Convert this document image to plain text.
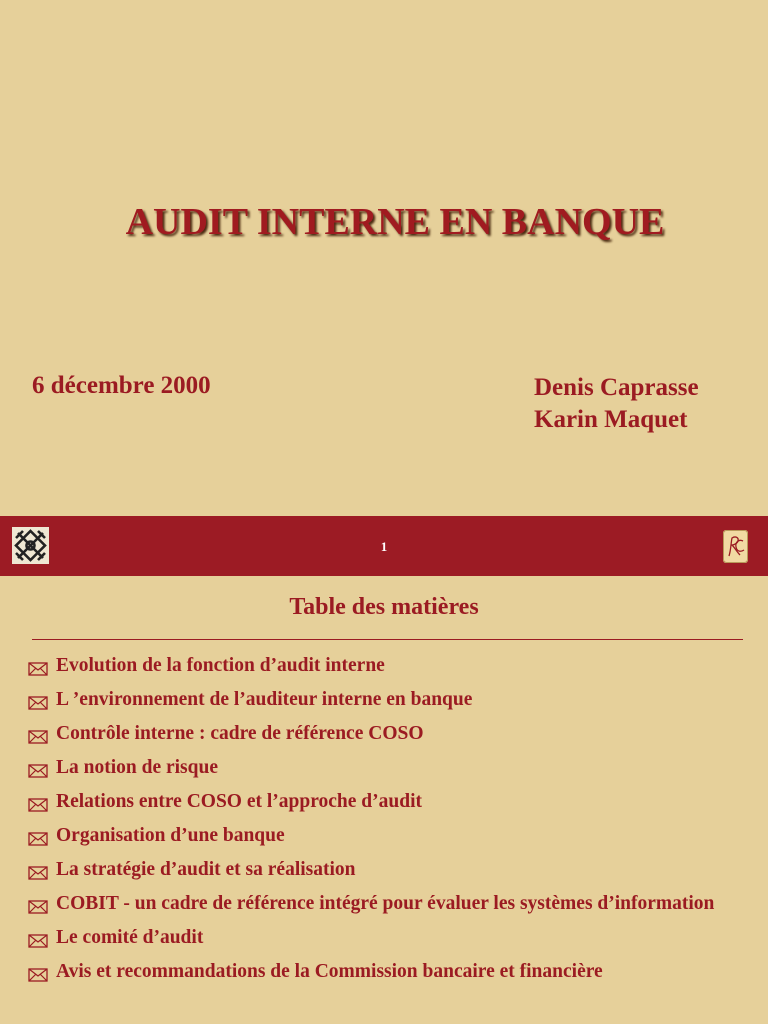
AUDIT INTERNE EN BANQUE
6 décembre 2000	Denis Caprasse
Karin Maquet
1
Table des matières
Evolution de la fonction d’audit interne
L ’environnement de l’auditeur interne en banque
Contrôle interne : cadre de référence COSO
La notion de risque
Relations entre COSO et l’approche d’audit
Organisation d’une banque
La stratégie d’audit et sa réalisation
COBIT - un cadre de référence intégré pour évaluer les systèmes d’information
Le comité d’audit
Avis et recommandations de la Commission bancaire et financière
